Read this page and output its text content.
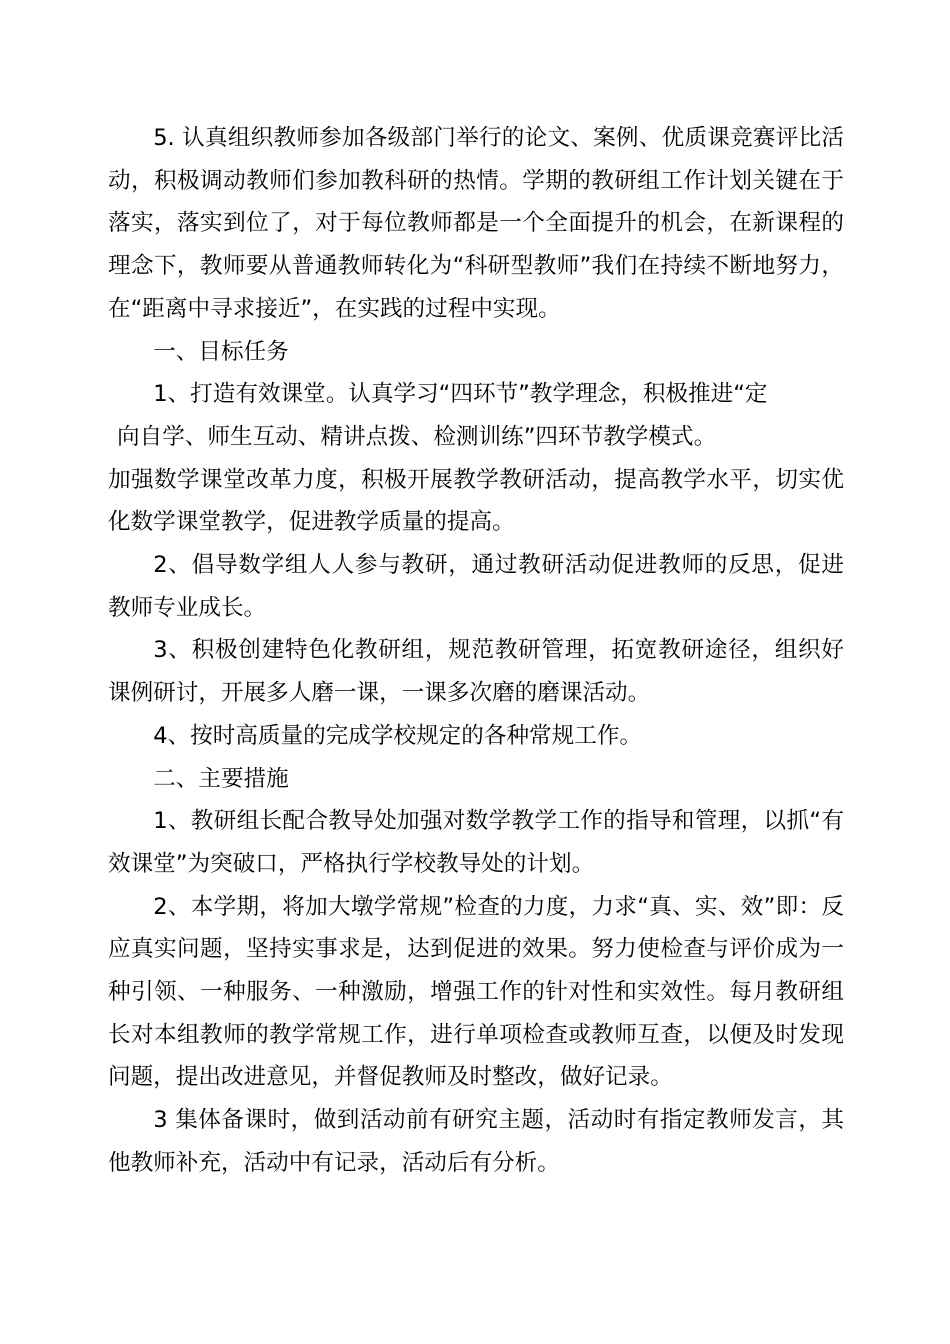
5. 认真组织教师参加各级部门举行的论文、案例、优质课竞赛评比活动，积极调动教师们参加教科研的热情。学期的教研组工作计划关键在于落实，落实到位了，对于每位教师都是一个全面提升的机会，在新课程的理念下，教师要从普通教师转化为“科研型教师”我们在持续不断地努力，在“距离中寻求接近”，在实践的过程中实现。

一、目标任务

1、打造有效课堂。认真学习“四环节”教学理念，积极推进“定

向自学、师生互动、精讲点拨、检测训练”四环节教学模式。

加强数学课堂改革力度，积极开展教学教研活动，提高教学水平，切实优化数学课堂教学，促进教学质量的提高。

2、倡导数学组人人参与教研，通过教研活动促进教师的反思，促进教师专业成长。

3、积极创建特色化教研组，规范教研管理，拓宽教研途径，组织好课例研讨，开展多人磨一课，一课多次磨的磨课活动。

4、按时高质量的完成学校规定的各种常规工作。

二、主要措施

1、教研组长配合教导处加强对数学教学工作的指导和管理，以抓“有效课堂”为突破口，严格执行学校教导处的计划。

2、本学期，将加大墩学常规”检查的力度，力求“真、实、效”即：反应真实问题，坚持实事求是，达到促进的效果。努力使检查与评价成为一种引领、一种服务、一种激励，增强工作的针对性和实效性。每月教研组长对本组教师的教学常规工作，进行单项检查或教师互查，以便及时发现问题，提出改进意见，并督促教师及时整改，做好记录。

3 集体备课时，做到活动前有研究主题，活动时有指定教师发言，其他教师补充，活动中有记录，活动后有分析。
